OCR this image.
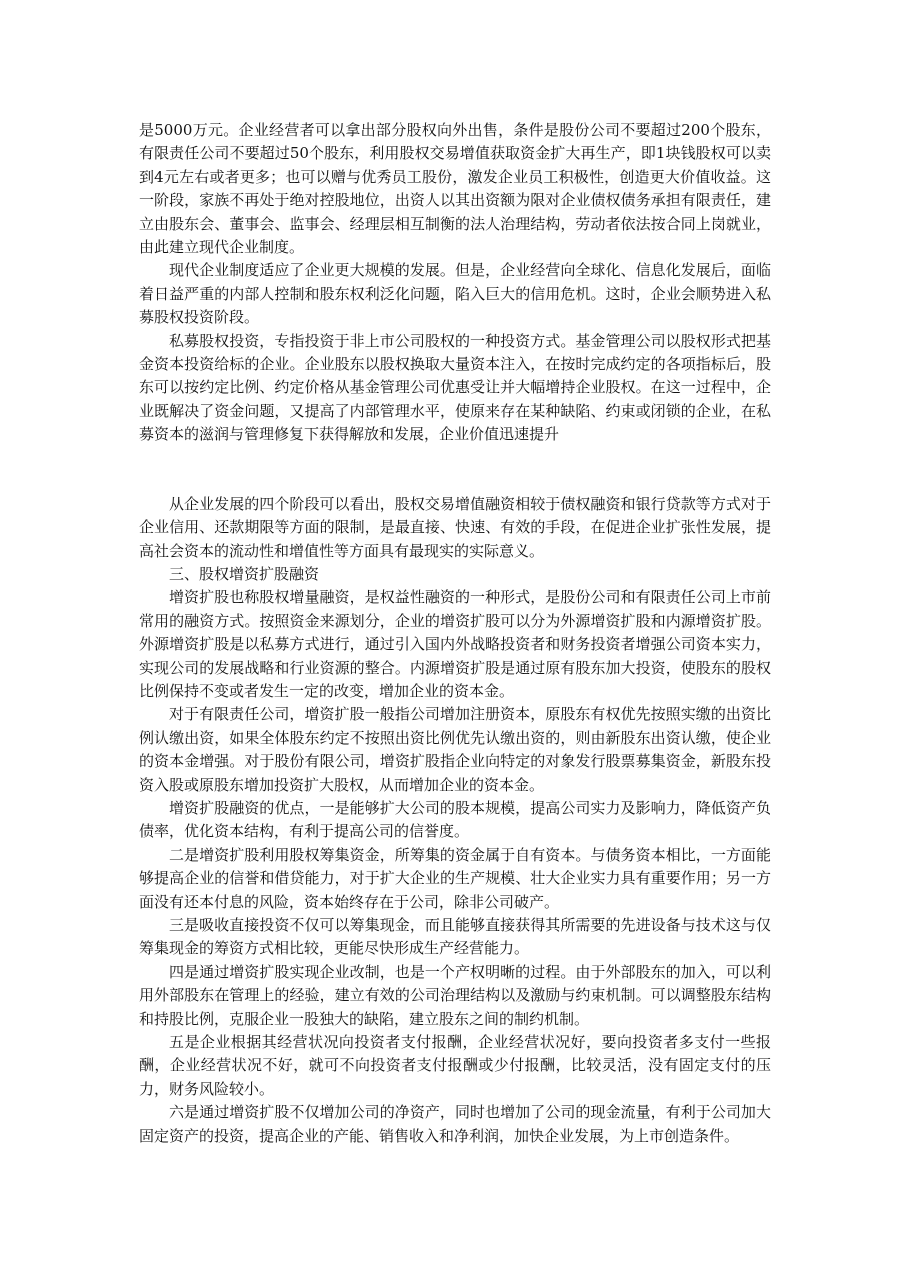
是5000万元。企业经营者可以拿出部分股权向外出售，条件是股份公司不要超过200个股东，有限责任公司不要超过50个股东，利用股权交易增值获取资金扩大再生产，即1块钱股权可以卖到4元左右或者更多；也可以赠与优秀员工股份，激发企业员工积极性，创造更大价值收益。这一阶段，家族不再处于绝对控股地位，出资人以其出资额为限对企业债权债务承担有限责任，建立由股东会、董事会、监事会、经理层相互制衡的法人治理结构，劳动者依法按合同上岗就业，由此建立现代企业制度。

现代企业制度适应了企业更大规模的发展。但是，企业经营向全球化、信息化发展后，面临着日益严重的内部人控制和股东权利泛化问题，陷入巨大的信用危机。这时，企业会顺势进入私募股权投资阶段。

私募股权投资，专指投资于非上市公司股权的一种投资方式。基金管理公司以股权形式把基金资本投资给标的企业。企业股东以股权换取大量资本注入，在按时完成约定的各项指标后，股东可以按约定比例、约定价格从基金管理公司优惠受让并大幅增持企业股权。在这一过程中，企业既解决了资金问题，又提高了内部管理水平，使原来存在某种缺陷、约束或闭锁的企业，在私募资本的滋润与管理修复下获得解放和发展，企业价值迅速提升

从企业发展的四个阶段可以看出，股权交易增值融资相较于债权融资和银行贷款等方式对于企业信用、还款期限等方面的限制，是最直接、快速、有效的手段，在促进企业扩张性发展，提高社会资本的流动性和增值性等方面具有最现实的实际意义。

三、股权增资扩股融资

增资扩股也称股权增量融资，是权益性融资的一种形式，是股份公司和有限责任公司上市前常用的融资方式。按照资金来源划分，企业的增资扩股可以分为外源增资扩股和内源增资扩股。外源增资扩股是以私募方式进行，通过引入国内外战略投资者和财务投资者增强公司资本实力，实现公司的发展战略和行业资源的整合。内源增资扩股是通过原有股东加大投资，使股东的股权比例保持不变或者发生一定的改变，增加企业的资本金。

对于有限责任公司，增资扩股一般指公司增加注册资本，原股东有权优先按照实缴的出资比例认缴出资，如果全体股东约定不按照出资比例优先认缴出资的，则由新股东出资认缴，使企业的资本金增强。对于股份有限公司，增资扩股指企业向特定的对象发行股票募集资金，新股东投资入股或原股东增加投资扩大股权，从而增加企业的资本金。

增资扩股融资的优点，一是能够扩大公司的股本规模，提高公司实力及影响力，降低资产负债率，优化资本结构，有利于提高公司的信誉度。

二是增资扩股利用股权筹集资金，所筹集的资金属于自有资本。与债务资本相比，一方面能够提高企业的信誉和借贷能力，对于扩大企业的生产规模、壮大企业实力具有重要作用；另一方面没有还本付息的风险，资本始终存在于公司，除非公司破产。

三是吸收直接投资不仅可以筹集现金，而且能够直接获得其所需要的先进设备与技术这与仅筹集现金的筹资方式相比较，更能尽快形成生产经营能力。

四是通过增资扩股实现企业改制，也是一个产权明晰的过程。由于外部股东的加入，可以利用外部股东在管理上的经验，建立有效的公司治理结构以及激励与约束机制。可以调整股东结构和持股比例，克服企业一股独大的缺陷，建立股东之间的制约机制。

五是企业根据其经营状况向投资者支付报酬，企业经营状况好，要向投资者多支付一些报酬，企业经营状况不好，就可不向投资者支付报酬或少付报酬，比较灵活，没有固定支付的压力，财务风险较小。

六是通过增资扩股不仅增加公司的净资产，同时也增加了公司的现金流量，有利于公司加大固定资产的投资，提高企业的产能、销售收入和净利润，加快企业发展，为上市创造条件。
